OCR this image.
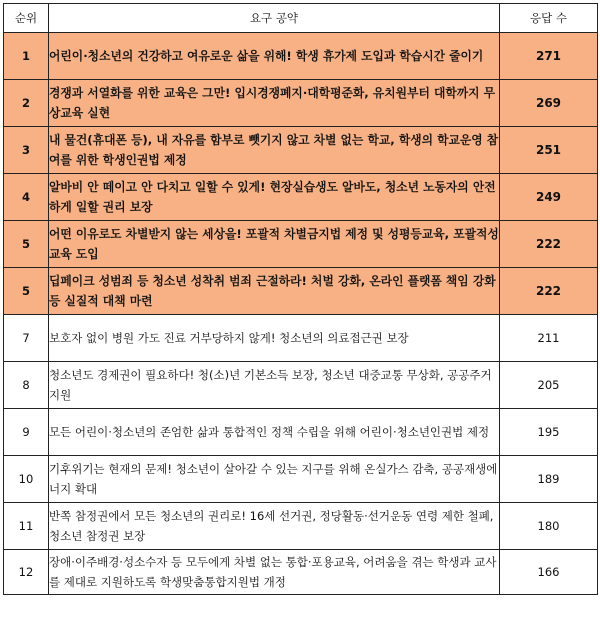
순위	요구 공약	응답 수
1	어린이·청소년의 건강하고 여유로운 삶을 위해! 학생 휴가제 도입과 학습시간 줄이기	271
2	경쟁과 서열화를 위한 교육은 그만! 입시경쟁폐지·대학평준화, 유치원부터 대학까지 무상교육 실현	269
3	내 물건(휴대폰 등), 내 자유를 함부로 뺏기지 않고 차별 없는 학교, 학생의 학교운영 참여를 위한 학생인권법 제정	251
4	알바비 안 떼이고 안 다치고 일할 수 있게! 현장실습생도 알바도, 청소년 노동자의 안전하게 일할 권리 보장	249
5	어떤 이유로도 차별받지 않는 세상을! 포괄적 차별금지법 제정 및 성평등교육, 포괄적성교육 도입	222
5	딥페이크 성범죄 등 청소년 성착취 범죄 근절하라! 처벌 강화, 온라인 플랫폼 책임 강화 등 실질적 대책 마련	222
7	보호자 없이 병원 가도 진료 거부당하지 않게! 청소년의 의료접근권 보장	211
8	청소년도 경제권이 필요하다! 청(소)년 기본소득 보장, 청소년 대중교통 무상화, 공공주거 지원	205
9	모든 어린이·청소년의 존엄한 삶과 통합적인 정책 수립을 위해 어린이·청소년인권법 제정	195
10	기후위기는 현재의 문제! 청소년이 살아갈 수 있는 지구를 위해 온실가스 감축, 공공재생에너지 확대	189
11	반쪽 참정권에서 모든 청소년의 권리로! 16세 선거권, 정당활동·선거운동 연령 제한 철폐, 청소년 참정권 보장	180
12	장애·이주배경·성소수자 등 모두에게 차별 없는 통합·포용교육, 어려움을 겪는 학생과 교사를 제대로 지원하도록 학생맞춤통합지원법 개정	166
